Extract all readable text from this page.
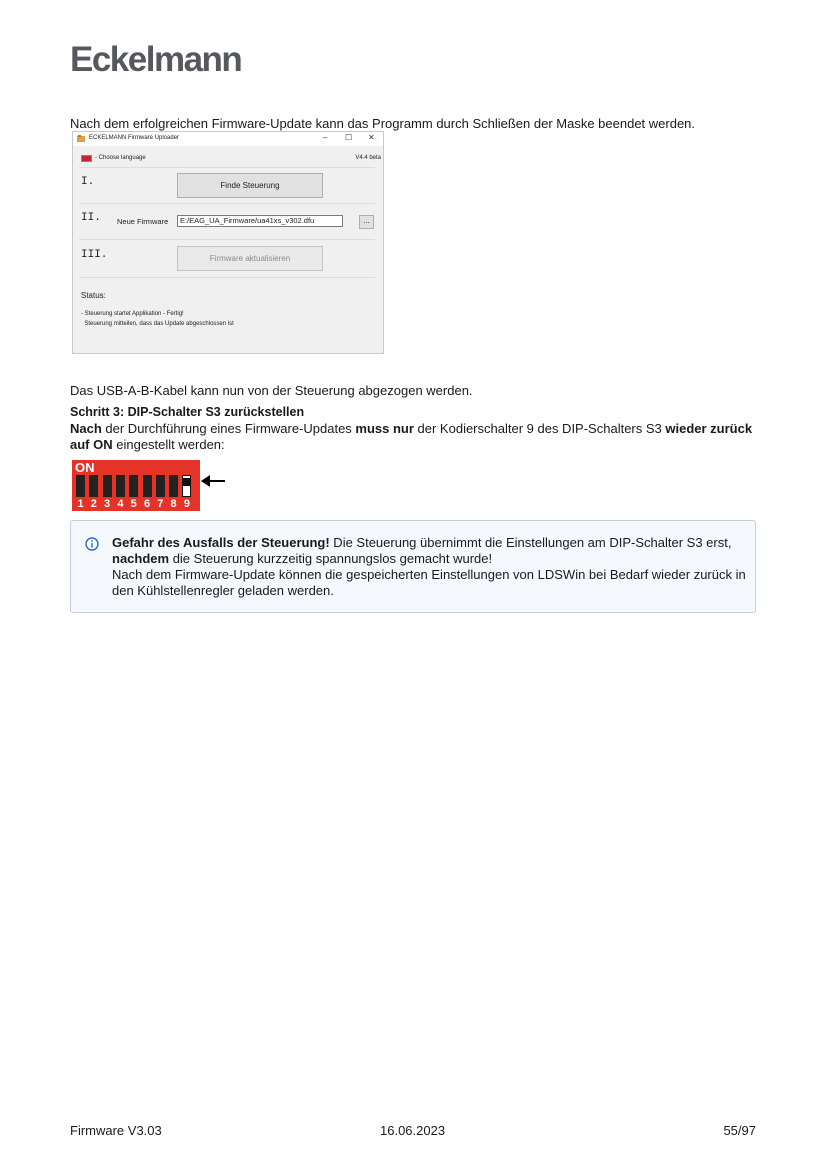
Eckelmann
Nach dem erfolgreichen Firmware-Update kann das Programm durch Schließen der Maske beendet werden.
ECKELMANN Firmware Uploader	– ☐ ✕
- Choose language	V4.4 beta
I.	Finde Steuerung
II. Neue Firmware	E:/EAG_UA_Firmware/ua41xs_v302.dfu	...
III.	Firmware aktualisieren
Status:
- Steuerung startet Applikation - Fertig!
Steuerung mitteilen, dass das Update abgeschlossen ist
Das USB-A-B-Kabel kann nun von der Steuerung abgezogen werden.
Schritt 3: DIP-Schalter S3 zurückstellen
Nach der Durchführung eines Firmware-Updates muss nur der Kodierschalter 9 des DIP-Schalters S3 wieder zurück auf ON eingestellt werden:
ON
1 2 3 4 5 6 7 8 9
Gefahr des Ausfalls der Steuerung! Die Steuerung übernimmt die Einstellungen am DIP-Schalter S3 erst, nachdem die Steuerung kurzzeitig spannungslos gemacht wurde!
Nach dem Firmware-Update können die gespeicherten Einstellungen von LDSWin bei Bedarf wieder zurück in den Kühlstellenregler geladen werden.
Firmware V3.03	16.06.2023	55/97
